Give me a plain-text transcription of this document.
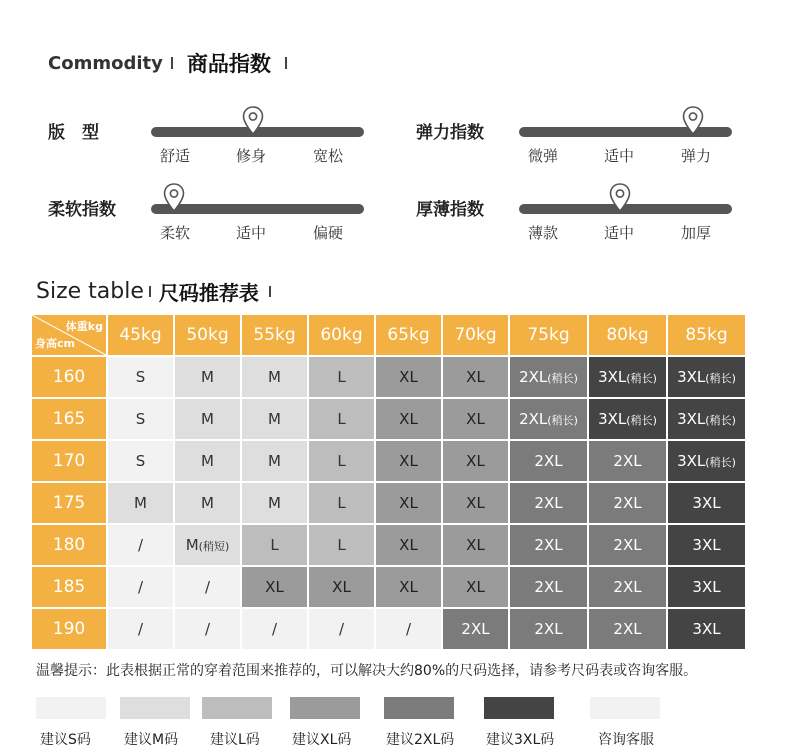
Commodity 商品指数
版　型
舒适	修身	宽松
弹力指数
微弹	适中	弹力
柔软指数
柔软	适中	偏硬
厚薄指数
薄款	适中	加厚
Size table 尺码推荐表
体重kg
身高cm	45kg	50kg	55kg	60kg	65kg	70kg	75kg	80kg	85kg
160	S	M	M	L	XL	XL	2XL(稍长)	3XL(稍长)	3XL(稍长)
165	S	M	M	L	XL	XL	2XL(稍长)	3XL(稍长)	3XL(稍长)
170	S	M	M	L	XL	XL	2XL	2XL	3XL(稍长)
175	M	M	M	L	XL	XL	2XL	2XL	3XL
180	/	M(稍短)	L	L	XL	XL	2XL	2XL	3XL
185	/	/	XL	XL	XL	XL	2XL	2XL	3XL
190	/	/	/	/	/	2XL	2XL	2XL	3XL
温馨提示：此表根据正常的穿着范围来推荐的，可以解决大约80%的尺码选择，请参考尺码表或咨询客服。
建议S码 建议M码 建议L码 建议XL码 建议2XL码 建议3XL码	咨询客服
